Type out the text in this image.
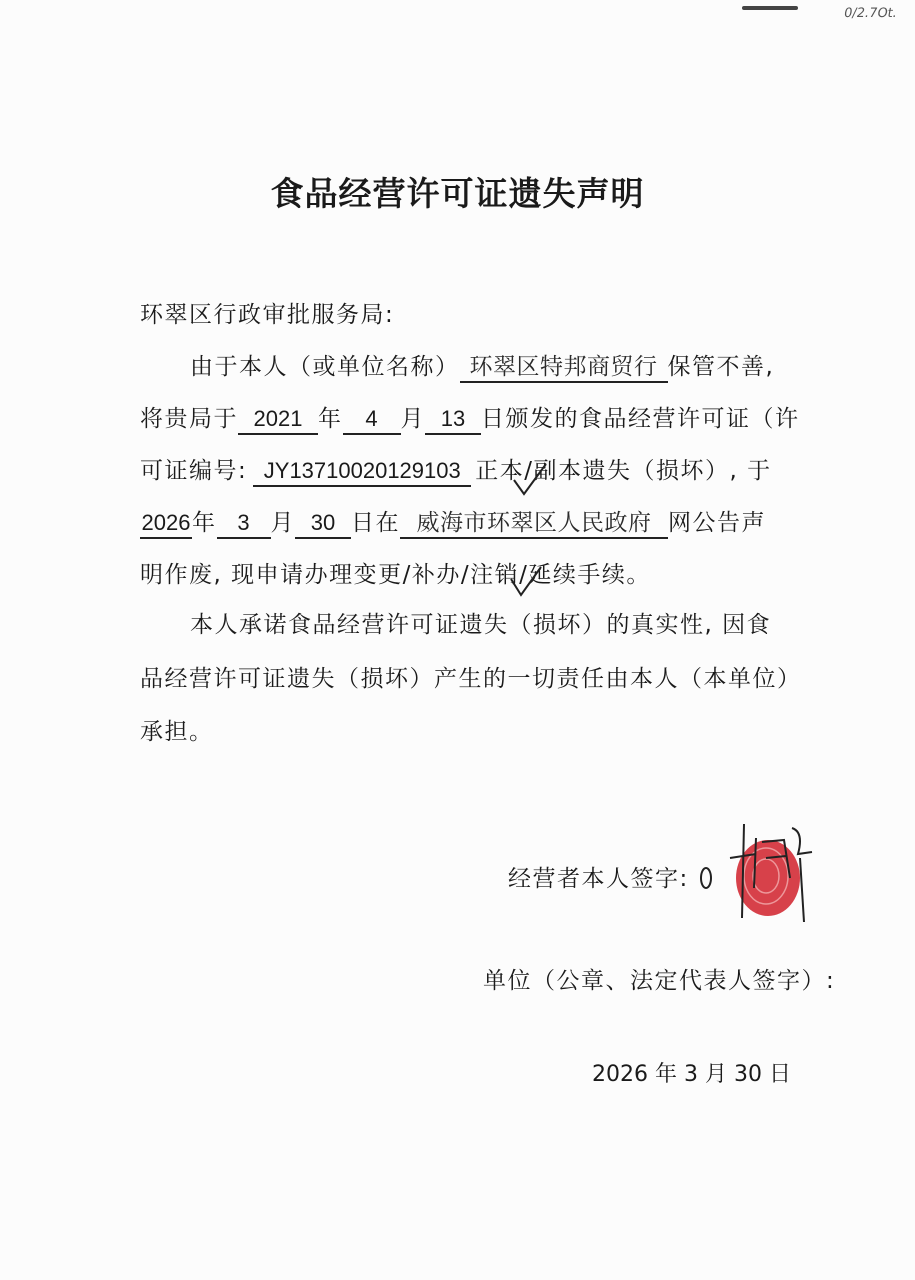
0/2.7Ot.
食品经营许可证遗失声明
环翠区行政审批服务局:
由于本人（或单位名称） 环翠区特邦商贸行 保管不善,
将贵局于 2021 年 4 月 13 日颁发的食品经营许可证（许
可证编号: JY13710020129103 正本/副本遗失（损坏）, 于
2026年 3 月 30 日在 威海市环翠区人民政府 网公告声
明作废, 现申请办理变更/补办/注销/延续手续。
本人承诺食品经营许可证遗失（损坏）的真实性, 因食
品经营许可证遗失（损坏）产生的一切责任由本人（本单位）
承担。
经营者本人签字:
单位（公章、法定代表人签字）:
2026 年 3 月 30 日
